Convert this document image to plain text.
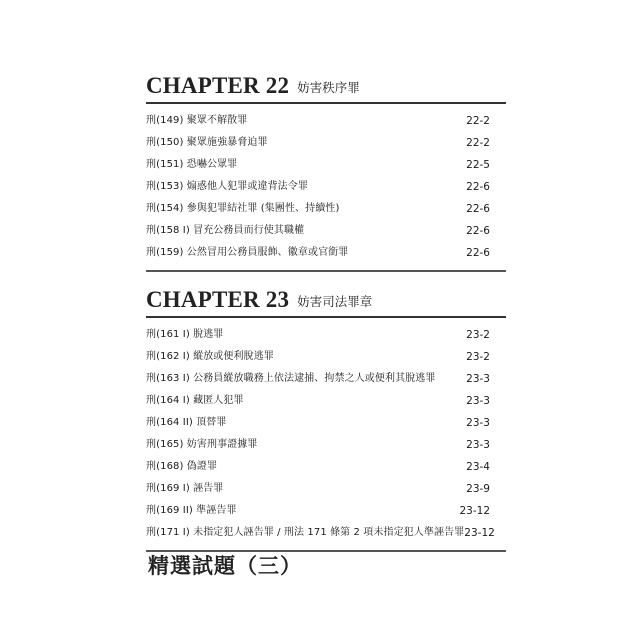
CHAPTER 22 妨害秩序罪
刑(149) 聚眾不解散罪	22-2
刑(150) 聚眾施強暴脅迫罪	22-2
刑(151) 恐嚇公眾罪	22-5
刑(153) 煽惑他人犯罪或違背法令罪	22-6
刑(154) 參與犯罪結社罪 (集團性、持續性)	22-6
刑(158 I) 冒充公務員而行使其職權	22-6
刑(159) 公然冒用公務員服飾、徽章或官銜罪	22-6
CHAPTER 23 妨害司法罪章
刑(161 I) 脫逃罪	23-2
刑(162 I) 縱放或便利脫逃罪	23-2
刑(163 I) 公務員縱放職務上依法逮捕、拘禁之人或便利其脫逃罪	23-3
刑(164 I) 藏匿人犯罪	23-3
刑(164 II) 頂替罪	23-3
刑(165) 妨害刑事證據罪	23-3
刑(168) 偽證罪	23-4
刑(169 I) 誣告罪	23-9
刑(169 II) 準誣告罪	23-12
刑(171 I) 未指定犯人誣告罪 / 刑法 171 條第 2 項未指定犯人準誣告罪 23-12
精選試題（三）
